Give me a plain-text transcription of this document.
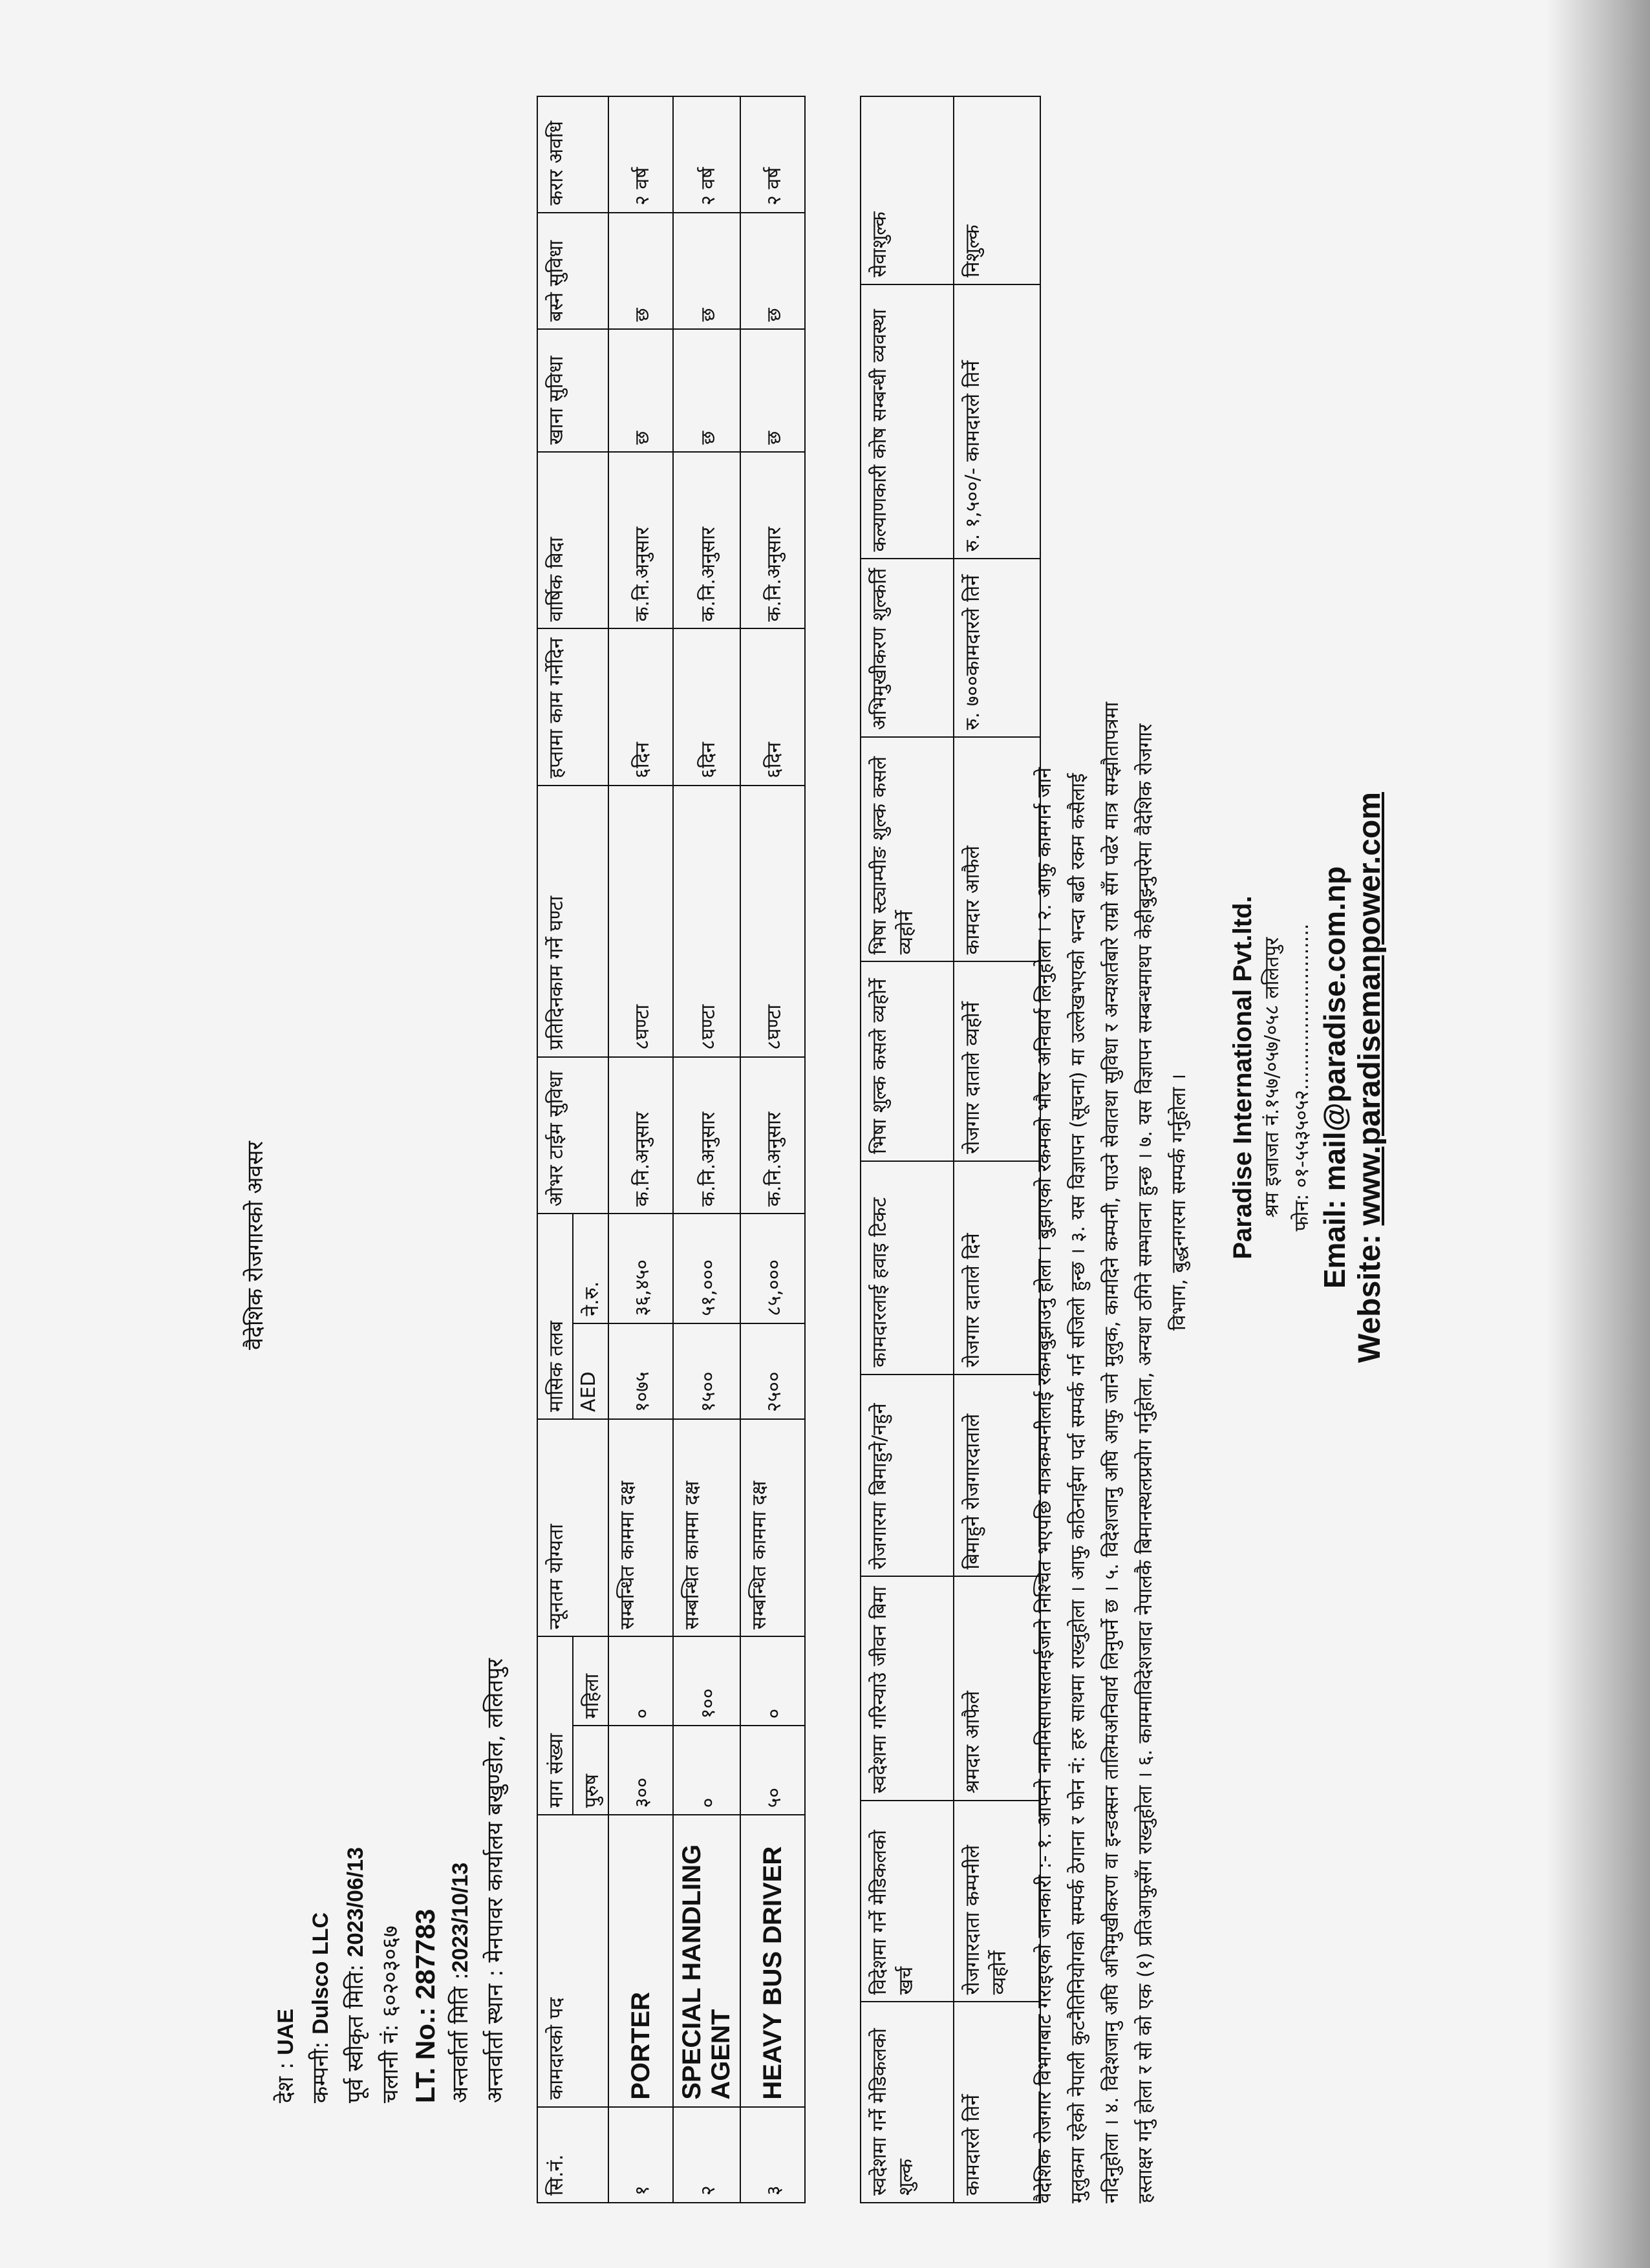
वैदेशिक रोजगारको अवसर
देश : UAE
कम्पनी: Dulsco LLC पूर्व स्वीकृत मिति: 2023/06/13
चलानी नं: ६०२०३०६७
LT. No.: 287783
अन्तर्वार्ता मिति :2023/10/13 अन्तर्वार्ता स्थान : मेनपावर कार्यालय बखुण्डोल, ललितपुर
सि.नं.	कामदारको पद	माग संख्या		न्यूनतम योग्यता	मासिक तलब		ओभर टाईम सुविधा	प्रतिदिनकाम गर्ने घण्टा	हप्तामा काम गर्नेदिन	वार्षिक बिदा	खाना सुविधा	बस्ने सुविधा	करार अवधि
		पुरुष	महिला		AED	ने.रु.							
१	PORTER	३००	०	सम्बन्धित काममा दक्ष	१०७५	३६,४५०	क.नि.अनुसार	८घण्टा	६दिन	क.नि.अनुसार	छ	छ	२ वर्ष
२	SPECIAL HANDLING AGENT	०	१००	सम्बन्धित काममा दक्ष	१५००	५१,०००	क.नि.अनुसार	८घण्टा	६दिन	क.नि.अनुसार	छ	छ	२ वर्ष
३	HEAVY BUS DRIVER	५०	०	सम्बन्धित काममा दक्ष	२५००	८५,०००	क.नि.अनुसार	८घण्टा	६दिन	क.नि.अनुसार	छ	छ	२ वर्ष
स्वदेशमा गर्ने मेडिकलको शुल्क	विदेशमा गर्ने मेडिकलको खर्च	स्वदेशमा गरिन्याउे जीवन बिमा	रोजगारमा बिमाहुने/नहुने	कामदारलाई हवाइ टिकट	भिषा शुल्क कसले व्यहोर्ने	भिषा स्ट्याम्पीङ शुल्क कसले व्यहोर्ने	अभिमुखीकरण शुल्कर्ति	कल्याणकारी कोष सम्बन्धी व्यवस्था	सेवाशुल्क
कामदारले तिर्ने	रोजगारदाता कम्पनीले व्यहोर्ने	श्रमदार आफैले	बिमाहुने रोजगारदाताले	रोजगार दाताले दिने	रोजगार दाताले व्यहोर्ने	कामदार आफैले	रु. ७००कामदारले तिर्ने	रु. १,५००/- कामदारले तिर्ने	निशुल्क
वैदेशिक रोजगार विभागबाट गराइएको जानकारी :- १. आफ्नो नाममिसापासतमईजाने निश्चित भएपछि मात्रकम्पनीलाई रकमबुझाउनु होला । बुझाएको रकमको भौचर अनिवार्य लिनुहोला । २. आफु कामगर्न जाने मुलुकमा रहेको नेपाली कुटनैतिनियोगको सम्पर्क ठेगाना र फोन नं: हरु साथमा राख्नुहोला । आफु कठिनाईमा पर्दा सम्पर्क गर्न सजिलो हुन्छ । ३. यस विज्ञापन (सूचना) मा उल्लेखभएको भन्दा बढी रकम कसैलाई नदिनुहोला । ४. विदेशजानु अघि अभिमुखीकरण वा इन्डक्सन तालिमअनिवार्य लिनुपर्ने छ । ५. विदेशजानु अघि आफु जाने मुलुक, कामदिने कम्पनी, पाउने सेवातथा सुविधा र अन्यशर्तबारे राम्रो सँग पढेर मात्र सम्झौतापत्रमा हस्ताक्षर गर्नु होला र सो को एक (१) प्रतिआफुसँग राख्नुहोला । ६. काममाविदेशजादा नेपालकै बिमानस्थलप्रयोग गर्नुहोला, अन्यथा ठगिने सम्भावना हुन्छ । ७. यस विज्ञापन सम्बन्धमाथप केहीबुझ्नुपरेमा वैदेशिक रोजगार विभाग, बुद्धनगरमा सम्पर्क गर्नुहोला । Paradise International Pvt.ltd. श्रम इजाजत नं.१५७/०५७/०५८ ललितपुर फोन: ०१-५५३५०५२...........................
Email: mail@paradise.com.np
Website: www.paradisemanpower.com
